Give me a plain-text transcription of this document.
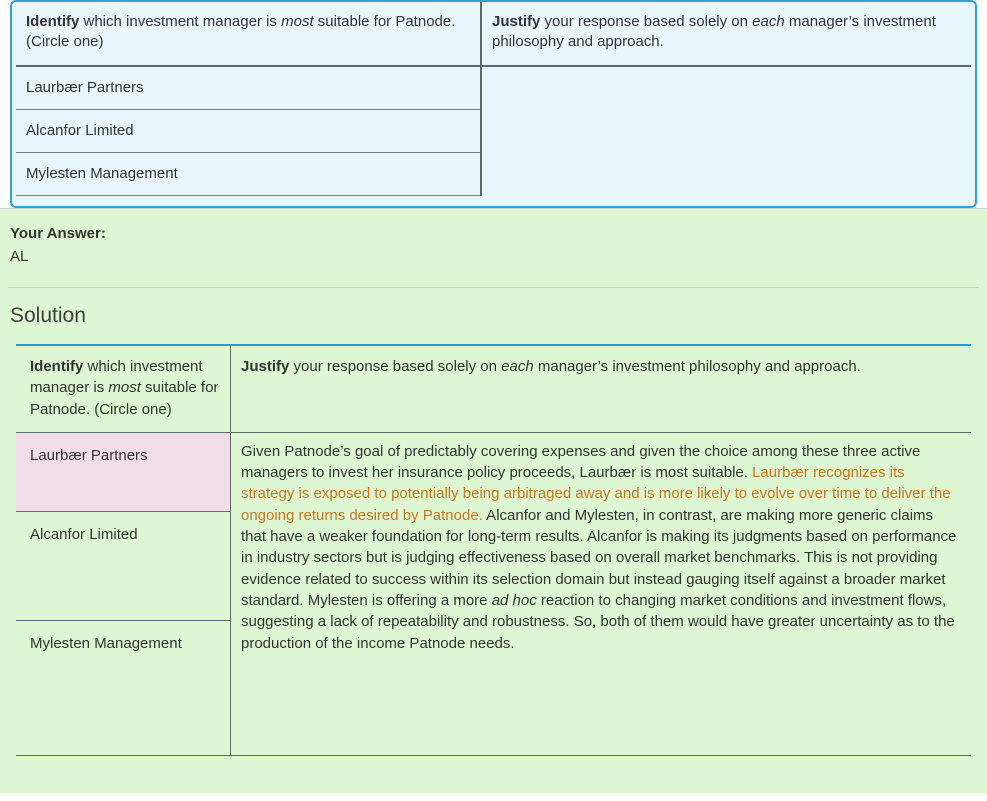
Identify which investment manager is most suitable for Patnode. (Circle one)	Justify your response based solely on each manager’s investment philosophy and approach.
Laurbær Partners	
Alcanfor Limited	
Mylesten Management	
Your Answer:
AL
Solution
Identify which investment manager is most suitable for Patnode. (Circle one)	Justify your response based solely on each manager’s investment philosophy and approach.
Laurbær Partners	Given Patnode’s goal of predictably covering expenses and given the choice among these three active managers to invest her insurance policy proceeds, Laurbær is most suitable. Laurbær recognizes its strategy is exposed to potentially being arbitraged away and is more likely to evolve over time to deliver the ongoing returns desired by Patnode. Alcanfor and Mylesten, in contrast, are making more generic claims that have a weaker foundation for long-term results. Alcanfor is making its judgments based on performance in industry sectors but is judging effectiveness based on overall market benchmarks. This is not providing evidence related to success within its selection domain but instead gauging itself against a broader market standard. Mylesten is offering a more ad hoc reaction to changing market conditions and investment flows, suggesting a lack of repeatability and robustness. So, both of them would have greater uncertainty as to the production of the income Patnode needs.

Alcanfor Limited	
Mylesten Management	
